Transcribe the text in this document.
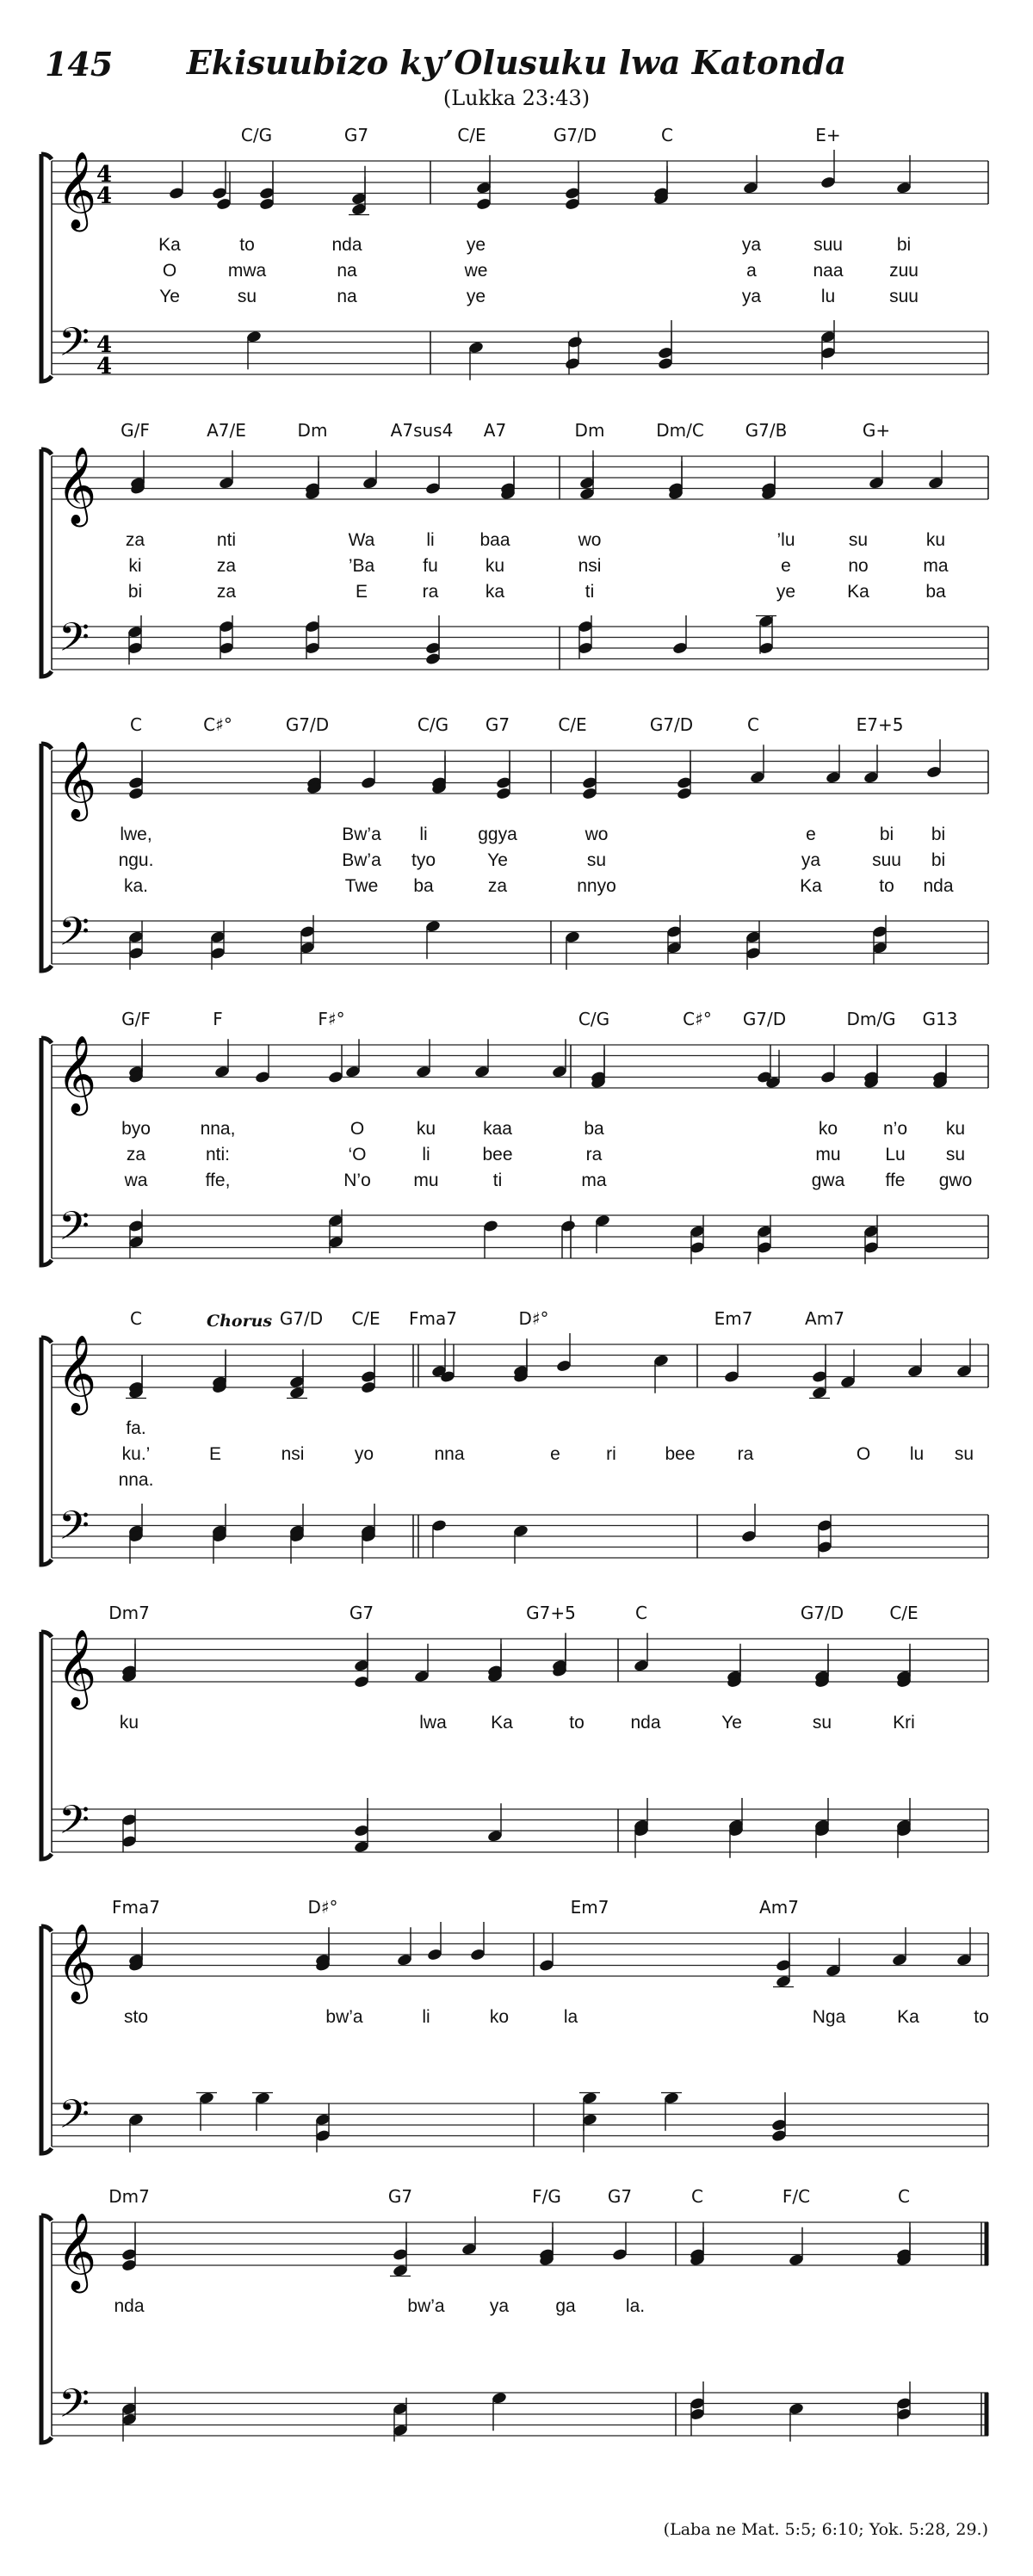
145	Ekisuubizo ky’Olusuku lwa Katonda
(Lukka 23:43)
𝄞
𝄢
4
4
4
4
C/G	G7	C/E	G7/D	C	E+
Ka	to	nda	ye	ya	suu	bi
O	mwa	na	we	a	naa	zuu
Ye	su	na	ye	ya	lu	suu
𝄞
𝄢
G/F	A7/E	Dm	A7sus4 A7	Dm	Dm/C G7/B	G+
za	nti	Wa	li	baa	wo	’lu	su	ku
ki	za	’Ba	fu	ku	nsi	e	no	ma
bi	za	E	ra	ka	ti	ye	Ka	ba
𝄞
𝄢
C	C♯°	G7/D	C/G G7	C/E	G7/D	C	E7+5
lwe,	Bw’a li	ggya	wo	e	bi bi
ngu.	Bw’a tyo	Ye	su	ya	suu bi
ka.	Twe ba	za	nnyo	Ka	to nda
𝄞
𝄢
G/F	F	F♯°	C/G	C♯° G7/D	Dm/G G13
byo	nna,	O	ku	kaa	ba	ko	n’o ku
za	nti:	‘O	li	bee	ra	mu Lu su
wa	ffe,	N’o mu	ti	ma	gwa ffe gwo
𝄞
𝄢
C	G7/D C/E Fma7	D♯°	Em7	Am7
fa.
ku.’	E	nsi	yo	nna	e	ri	bee ra	O lu su
nna.
𝄞
𝄢
Dm7	G7	G7+5	C	G7/D	C/E
ku	lwa Ka	to	nda	Ye	su	Kri
𝄞
𝄢
Fma7	D♯°	Em7	Am7
sto	bw’a	li	ko	la	Nga	Ka	to
𝄞
𝄢
Dm7	G7	F/G	G7	C	F/C	C
nda	bw’a ya	ga	la.
Chorus
(Laba ne Mat. 5:5; 6:10; Yok. 5:28, 29.)
